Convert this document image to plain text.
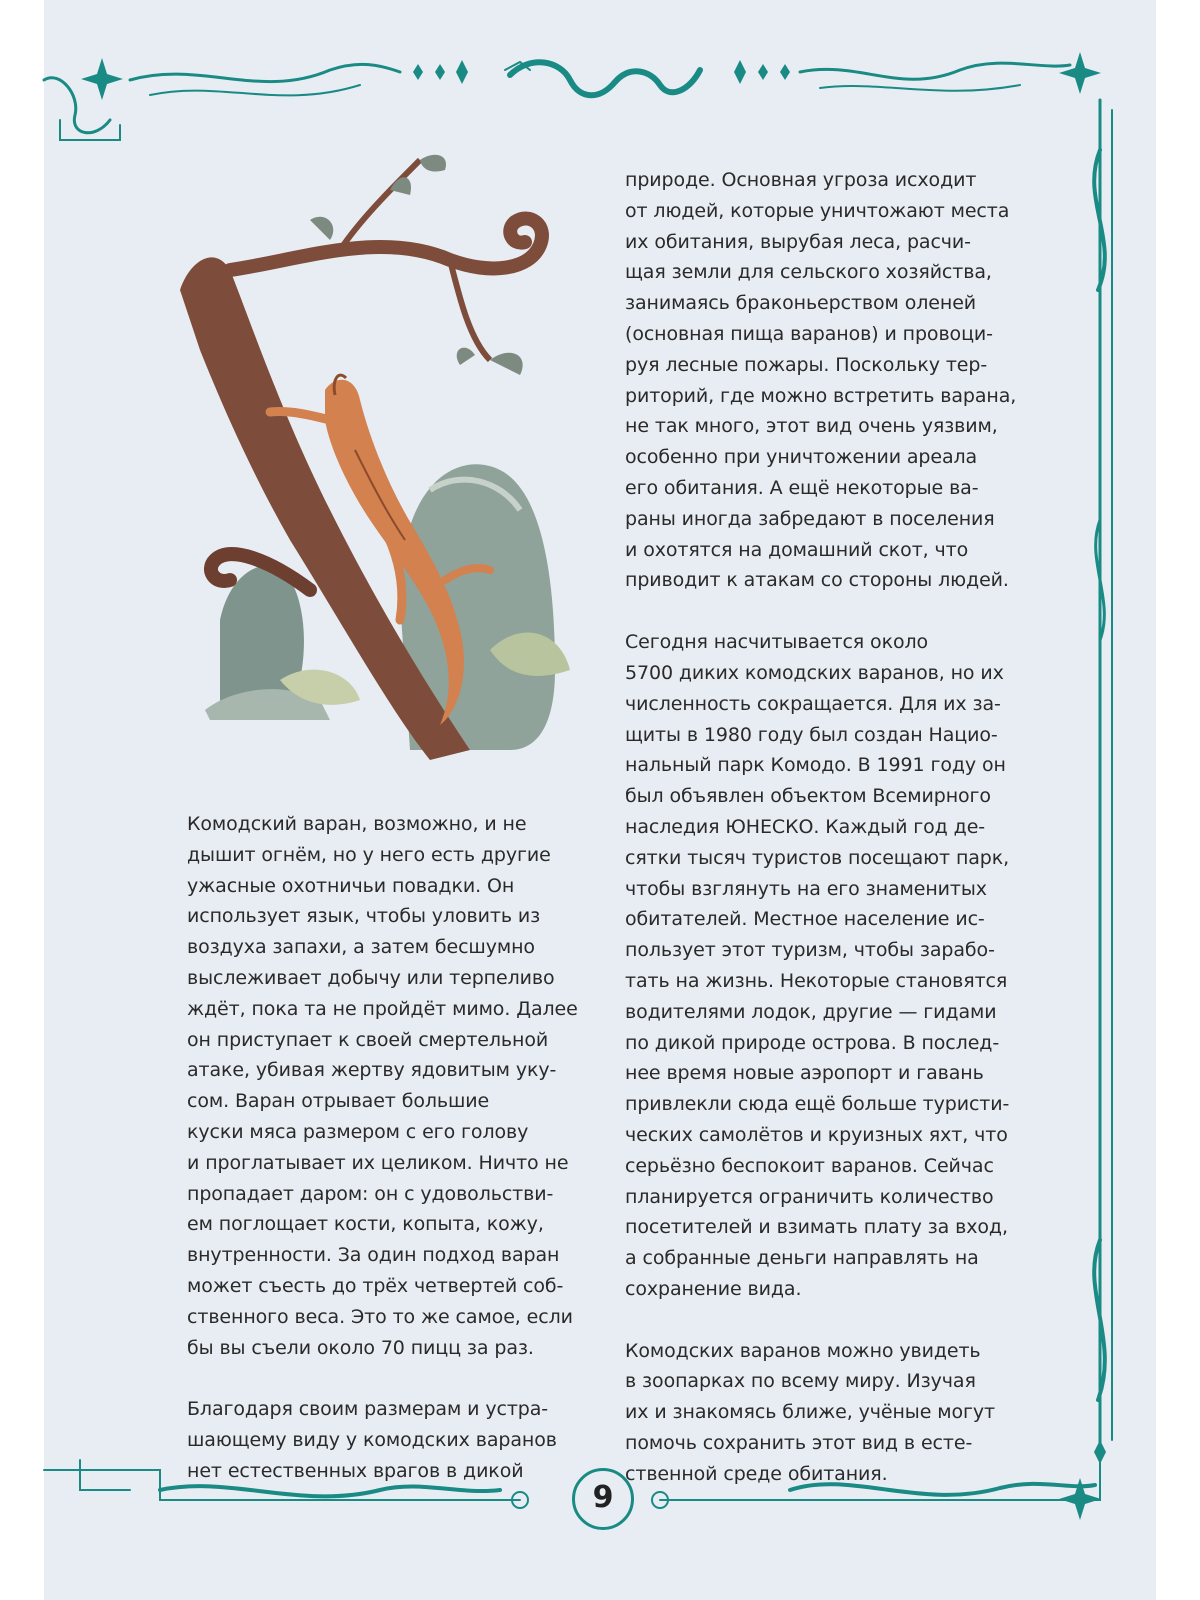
Комодский варан, возможно, и не
дышит огнём, но у него есть другие
ужасные охотничьи повадки. Он
использует язык, чтобы уловить из
воздуха запахи, а затем бесшумно
выслеживает добычу или терпеливо
ждёт, пока та не пройдёт мимо. Далее
он приступает к своей смертельной
атаке, убивая жертву ядовитым уку-
сом. Варан отрывает большие
куски мяса размером с его голову
и проглатывает их целиком. Ничто не
пропадает даром: он с удовольстви-
ем поглощает кости, копыта, кожу,
внутренности. За один подход варан
может съесть до трёх четвертей соб-
ственного веса. Это то же самое, если
бы вы съели около 70 пицц за раз.

Благодаря своим размерам и устра-
шающему виду у комодских варанов
нет естественных врагов в дикой

природе. Основная угроза исходит
от людей, которые уничтожают места
их обитания, вырубая леса, расчи-
щая земли для сельского хозяйства,
занимаясь браконьерством оленей
(основная пища варанов) и провоци-
руя лесные пожары. Поскольку тер-
риторий, где можно встретить варана,
не так много, этот вид очень уязвим,
особенно при уничтожении ареала
его обитания. А ещё некоторые ва-
раны иногда забредают в поселения
и охотятся на домашний скот, что
приводит к атакам со стороны людей.

Сегодня насчитывается около
5700 диких комодских варанов, но их
численность сокращается. Для их за-
щиты в 1980 году был создан Нацио-
нальный парк Комодо. В 1991 году он
был объявлен объектом Всемирного
наследия ЮНЕСКО. Каждый год де-
сятки тысяч туристов посещают парк,
чтобы взглянуть на его знаменитых
обитателей. Местное население ис-
пользует этот туризм, чтобы зарабо-
тать на жизнь. Некоторые становятся
водителями лодок, другие — гидами
по дикой природе острова. В послед-
нее время новые аэропорт и гавань
привлекли сюда ещё больше туристи-
ческих самолётов и круизных яхт, что
серьёзно беспокоит варанов. Сейчас
планируется ограничить количество
посетителей и взимать плату за вход,
а собранные деньги направлять на
сохранение вида.

Комодских варанов можно увидеть
в зоопарках по всему миру. Изучая
их и знакомясь ближе, учёные могут
помочь сохранить этот вид в есте-
ственной среде обитания.

9
